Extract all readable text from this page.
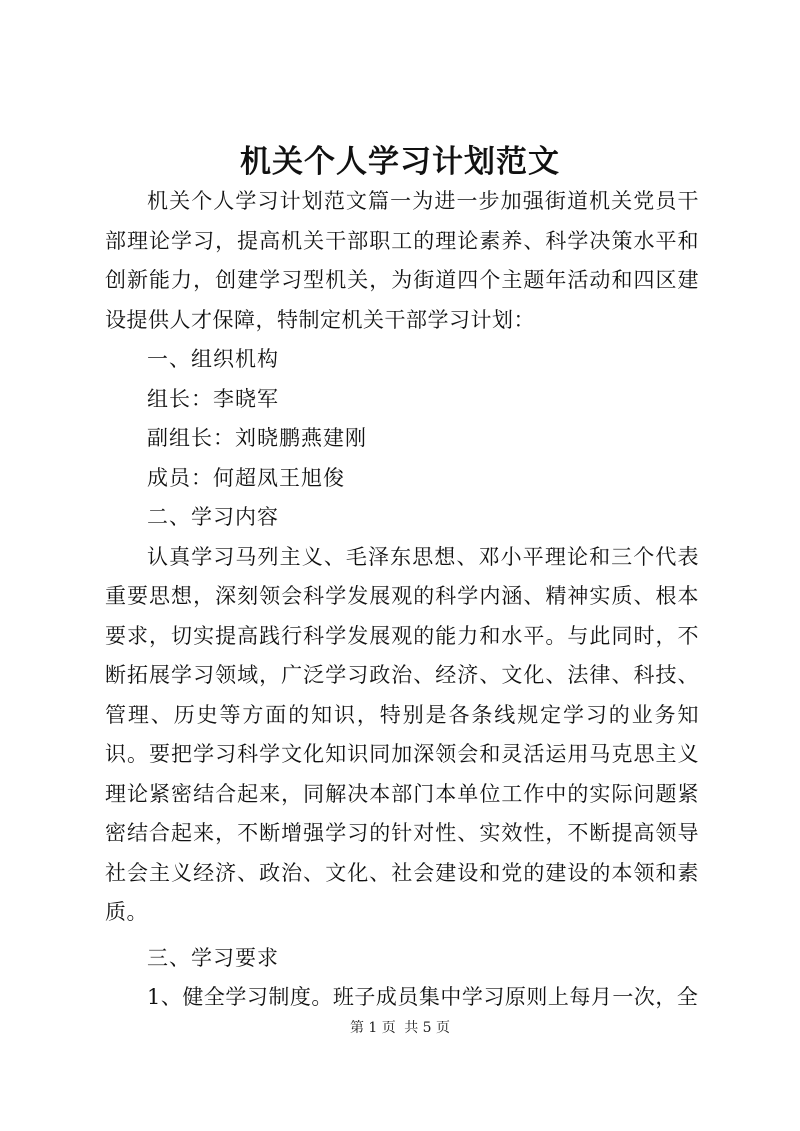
机关个人学习计划范文

机关个人学习计划范文篇一为进一步加强街道机关党员干部理论学习，提高机关干部职工的理论素养、科学决策水平和创新能力，创建学习型机关，为街道四个主题年活动和四区建设提供人才保障，特制定机关干部学习计划：

一、组织机构

组长：李晓军

副组长：刘晓鹏燕建刚

成员：何超凤王旭俊

二、学习内容

认真学习马列主义、毛泽东思想、邓小平理论和三个代表重要思想，深刻领会科学发展观的科学内涵、精神实质、根本要求，切实提高践行科学发展观的能力和水平。与此同时，不断拓展学习领域，广泛学习政治、经济、文化、法律、科技、管理、历史等方面的知识，特别是各条线规定学习的业务知识。要把学习科学文化知识同加深领会和灵活运用马克思主义理论紧密结合起来，同解决本部门本单位工作中的实际问题紧密结合起来，不断增强学习的针对性、实效性，不断提高领导社会主义经济、政治、文化、社会建设和党的建设的本领和素质。

三、学习要求

1、健全学习制度。班子成员集中学习原则上每月一次，全

第 1 页 共 5 页
